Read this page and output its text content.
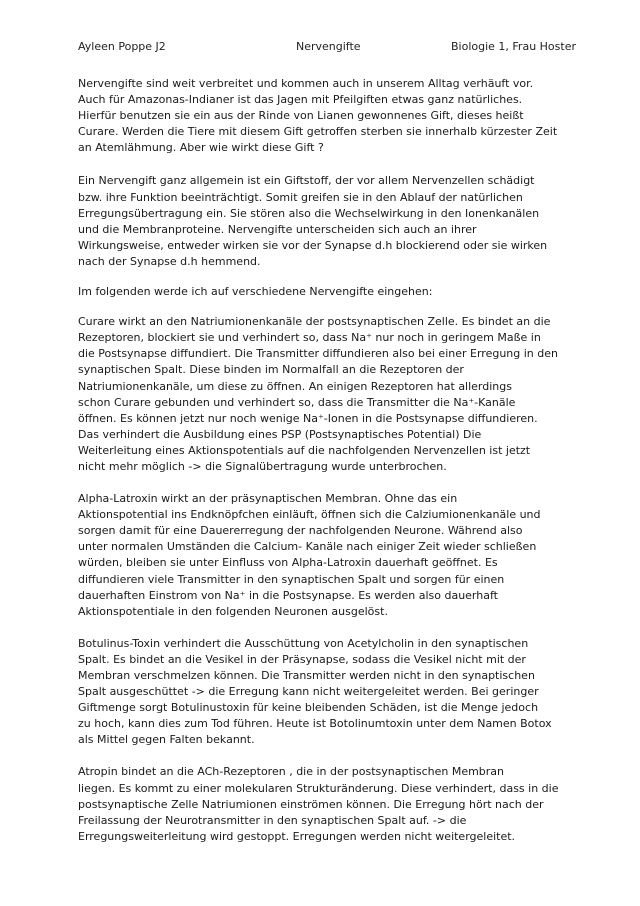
Ayleen Poppe J2	Nervengifte	Biologie 1, Frau Hoster

Nervengifte sind weit verbreitet und kommen auch in unserem Alltag verhäuft vor.
Auch für Amazonas-Indianer ist das Jagen mit Pfeilgiften etwas ganz natürliches.
Hierfür benutzen sie ein aus der Rinde von Lianen gewonnenes Gift, dieses heißt
Curare. Werden die Tiere mit diesem Gift getroffen sterben sie innerhalb kürzester Zeit
an Atemlähmung. Aber wie wirkt diese Gift ?

Ein Nervengift ganz allgemein ist ein Giftstoff, der vor allem Nervenzellen schädigt
bzw. ihre Funktion beeinträchtigt. Somit greifen sie in den Ablauf der natürlichen
Erregungsübertragung ein. Sie stören also die Wechselwirkung in den Ionenkanälen
und die Membranproteine. Nervengifte unterscheiden sich auch an ihrer
Wirkungsweise, entweder wirken sie vor der Synapse d.h blockierend oder sie wirken
nach der Synapse d.h hemmend.

Im folgenden werde ich auf verschiedene Nervengifte eingehen:

Curare wirkt an den Natriumionenkanäle der postsynaptischen Zelle. Es bindet an die
Rezeptoren, blockiert sie und verhindert so, dass Na⁺ nur noch in geringem Maße in
die Postsynapse diffundiert. Die Transmitter diffundieren also bei einer Erregung in den
synaptischen Spalt. Diese binden im Normalfall an die Rezeptoren der
Natriumionenkanäle, um diese zu öffnen. An einigen Rezeptoren hat allerdings
schon Curare gebunden und verhindert so, dass die Transmitter die Na⁺-Kanäle
öffnen. Es können jetzt nur noch wenige Na⁺-Ionen in die Postsynapse diffundieren.
Das verhindert die Ausbildung eines PSP (Postsynaptisches Potential) Die
Weiterleitung eines Aktionspotentials auf die nachfolgenden Nervenzellen ist jetzt
nicht mehr möglich -> die Signalübertragung wurde unterbrochen.

Alpha-Latroxin wirkt an der präsynaptischen Membran. Ohne das ein
Aktionspotential ins Endknöpfchen einläuft, öffnen sich die Calziumionenkanäle und
sorgen damit für eine Dauererregung der nachfolgenden Neurone. Während also
unter normalen Umständen die Calcium- Kanäle nach einiger Zeit wieder schließen
würden, bleiben sie unter Einfluss von Alpha-Latroxin dauerhaft geöffnet. Es
diffundieren viele Transmitter in den synaptischen Spalt und sorgen für einen
dauerhaften Einstrom von Na⁺ in die Postsynapse. Es werden also dauerhaft
Aktionspotentiale in den folgenden Neuronen ausgelöst.

Botulinus-Toxin verhindert die Ausschüttung von Acetylcholin in den synaptischen
Spalt. Es bindet an die Vesikel in der Präsynapse, sodass die Vesikel nicht mit der
Membran verschmelzen können. Die Transmitter werden nicht in den synaptischen
Spalt ausgeschüttet -> die Erregung kann nicht weitergeleitet werden. Bei geringer
Giftmenge sorgt Botulinustoxin für keine bleibenden Schäden, ist die Menge jedoch
zu hoch, kann dies zum Tod führen. Heute ist Botolinumtoxin unter dem Namen Botox
als Mittel gegen Falten bekannt.

Atropin bindet an die ACh-Rezeptoren , die in der postsynaptischen Membran
liegen. Es kommt zu einer molekularen Strukturänderung. Diese verhindert, dass in die
postsynaptische Zelle Natriumionen einströmen können. Die Erregung hört nach der
Freilassung der Neurotransmitter in den synaptischen Spalt auf. -> die
Erregungsweiterleitung wird gestoppt. Erregungen werden nicht weitergeleitet.
